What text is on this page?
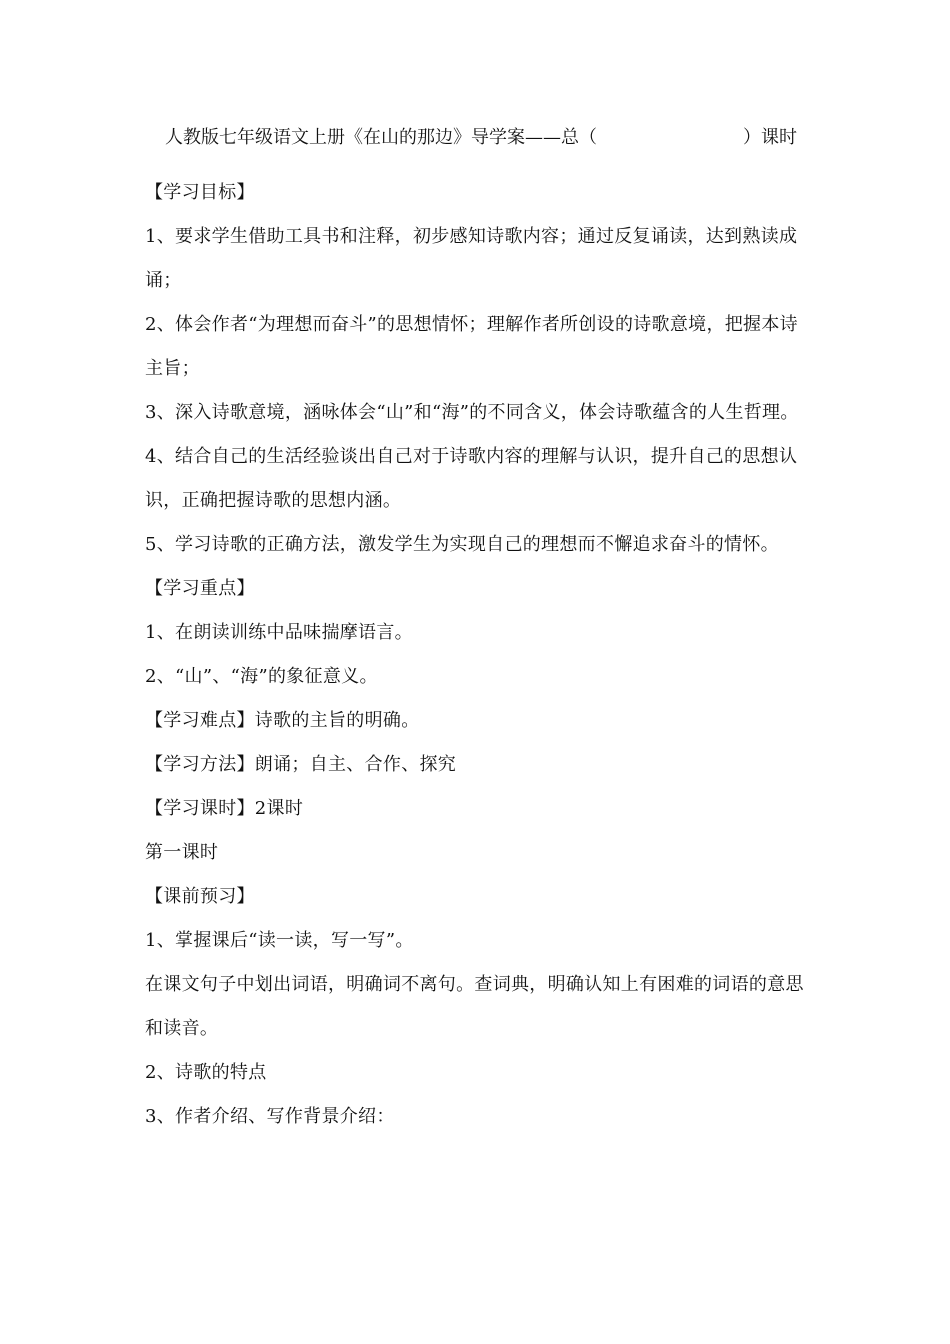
人教版七年级语文上册《在山的那边》导学案——总（	）课时

【学习目标】

1、要求学生借助工具书和注释，初步感知诗歌内容；通过反复诵读，达到熟读成诵；

2、体会作者“为理想而奋斗”的思想情怀；理解作者所创设的诗歌意境，把握本诗主旨；

3、深入诗歌意境，涵咏体会“山”和“海”的不同含义，体会诗歌蕴含的人生哲理。

4、结合自己的生活经验谈出自己对于诗歌内容的理解与认识，提升自己的思想认识，正确把握诗歌的思想内涵。

5、学习诗歌的正确方法，激发学生为实现自己的理想而不懈追求奋斗的情怀。

【学习重点】

1、在朗读训练中品味揣摩语言。

2、“山”、“海”的象征意义。

【学习难点】诗歌的主旨的明确。

【学习方法】朗诵；自主、合作、探究

【学习课时】2课时

第一课时

【课前预习】

1、掌握课后“读一读，写一写”。

在课文句子中划出词语，明确词不离句。查词典，明确认知上有困难的词语的意思和读音。

2、诗歌的特点

3、作者介绍、写作背景介绍：
